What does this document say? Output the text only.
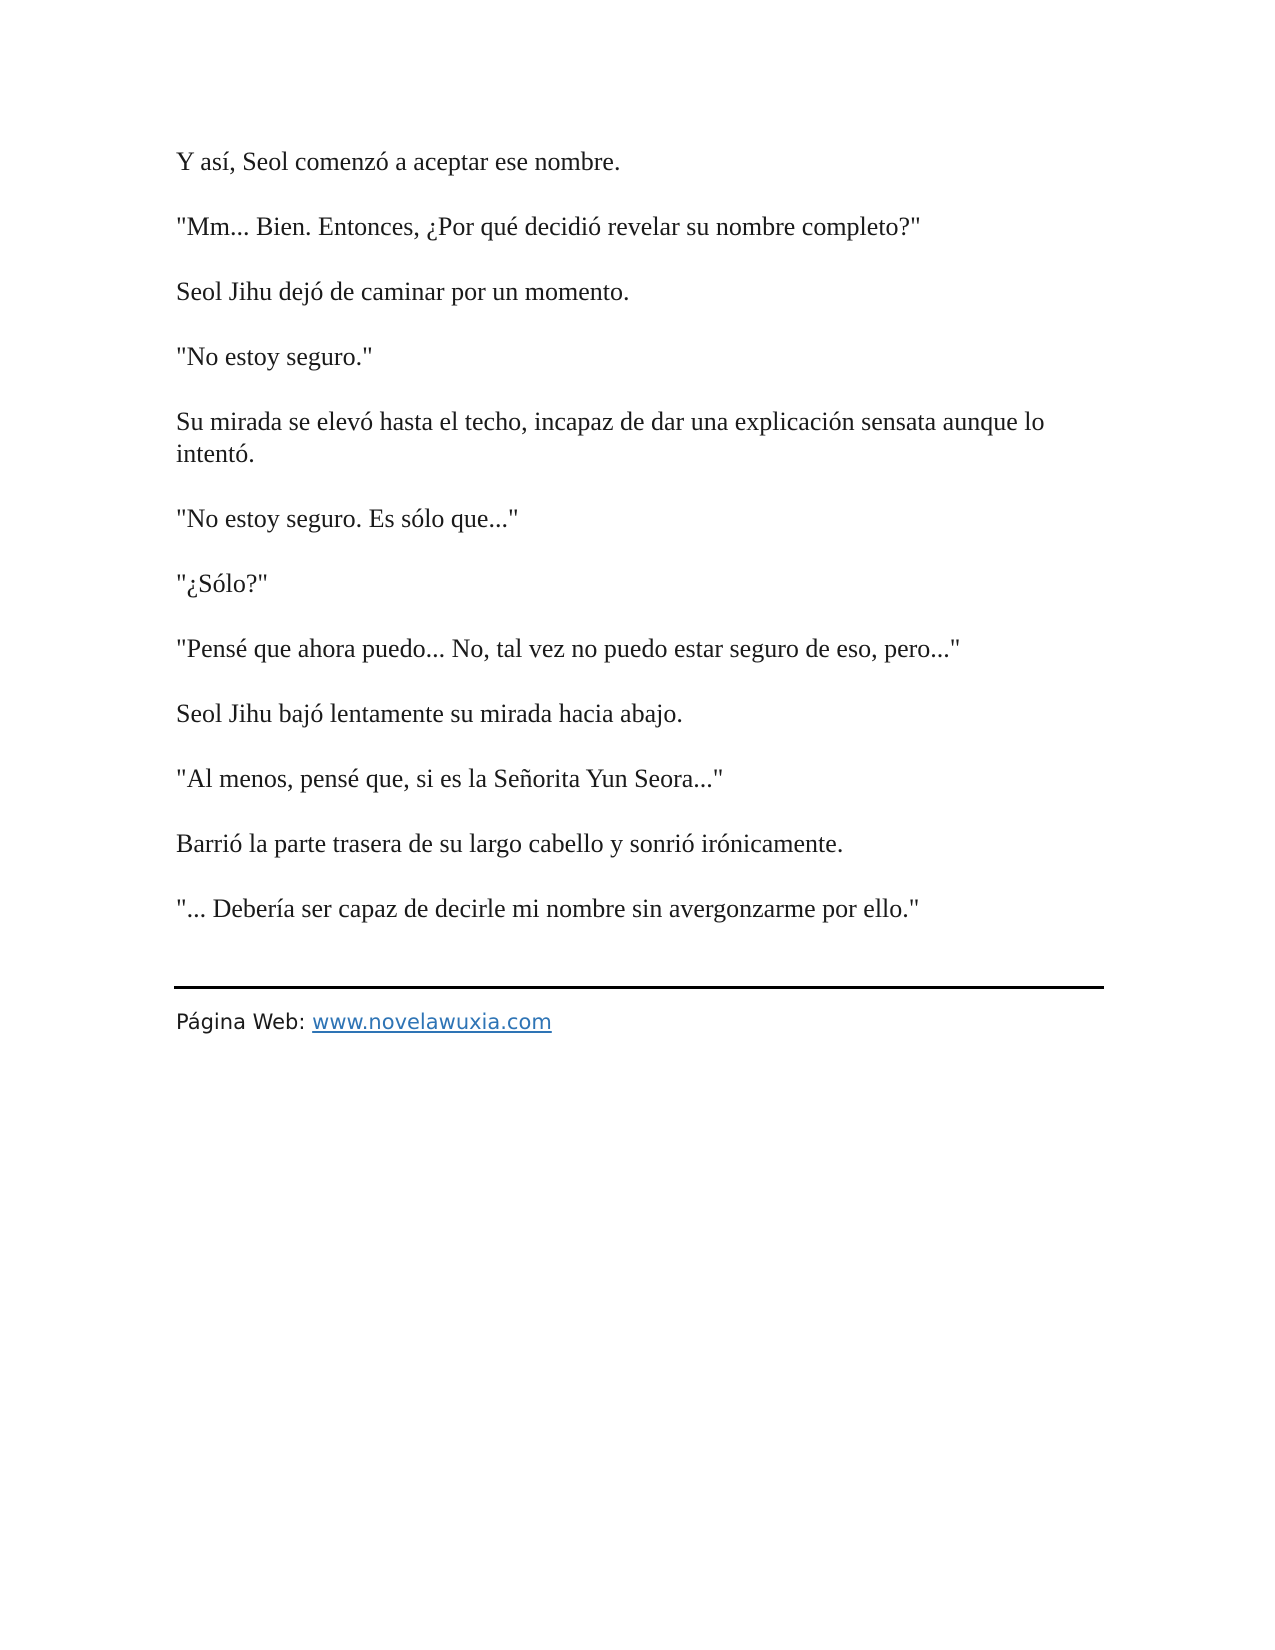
Y así, Seol comenzó a aceptar ese nombre.

"Mm... Bien. Entonces, ¿Por qué decidió revelar su nombre completo?"

Seol Jihu dejó de caminar por un momento.

"No estoy seguro."

Su mirada se elevó hasta el techo, incapaz de dar una explicación sensata aunque lo intentó.

"No estoy seguro. Es sólo que..."

"¿Sólo?"

"Pensé que ahora puedo... No, tal vez no puedo estar seguro de eso, pero..."

Seol Jihu bajó lentamente su mirada hacia abajo.

"Al menos, pensé que, si es la Señorita Yun Seora..."

Barrió la parte trasera de su largo cabello y sonrió irónicamente.

"... Debería ser capaz de decirle mi nombre sin avergonzarme por ello."

Página Web: www.novelawuxia.com
